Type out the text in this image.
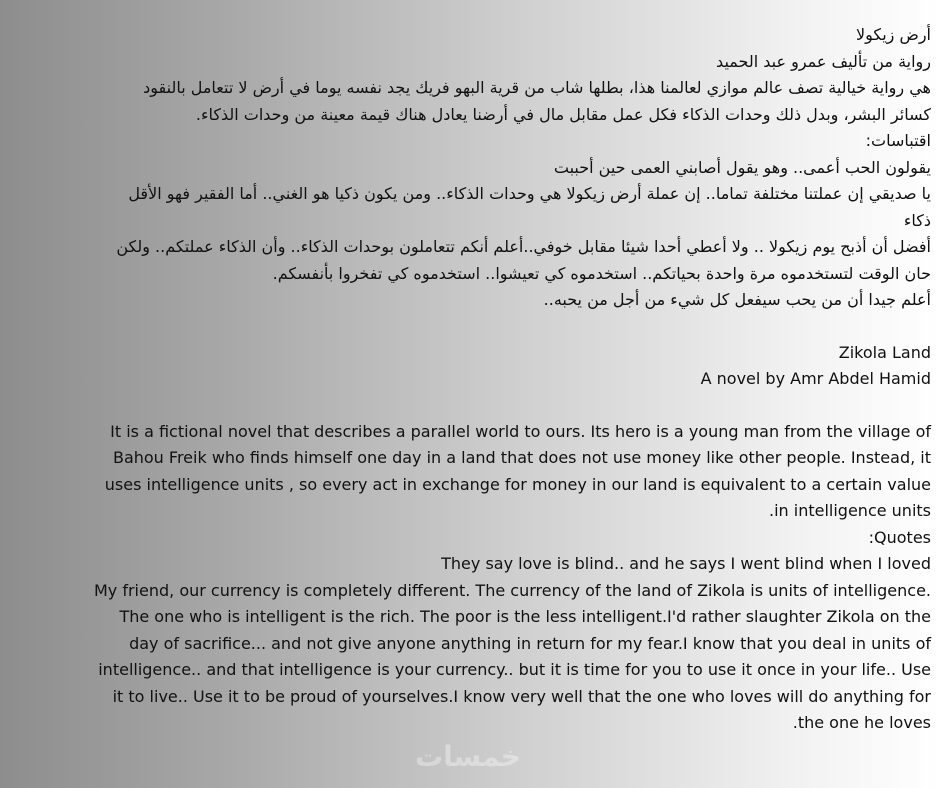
أرض زيكولا
رواية من تأليف عمرو عبد الحميد
هي رواية خيالية تصف عالم موازي لعالمنا هذا، بطلها شاب من قرية البهو فريك يجد نفسه يوما في أرض لا تتعامل بالنقود
كسائر البشر، وبدل ذلك وحدات الذكاء فكل عمل مقابل مال في أرضنا يعادل هناك قيمة معينة من وحدات الذكاء.
اقتباسات:
يقولون الحب أعمى.. وهو يقول أصابني العمى حين أحببت
يا صديقي إن عملتنا مختلفة تماما.. إن عملة أرض زيكولا هي وحدات الذكاء.. ومن يكون ذكيا هو الغني.. أما الفقير فهو الأقل
ذكاء
أفضل أن أذبح يوم زيكولا .. ولا أعطي أحدا شيئا مقابل خوفي..أعلم أنكم تتعاملون بوحدات الذكاء.. وأن الذكاء عملتكم.. ولكن
حان الوقت لتستخدموه مرة واحدة بحياتكم.. استخدموه كي تعيشوا.. استخدموه كي تفخروا بأنفسكم.
أعلم جيدا أن من يحب سيفعل كل شيء من أجل من يحبه..
Zikola Land
A novel by Amr Abdel Hamid
It is a fictional novel that describes a parallel world to ours. Its hero is a young man from the village of
Bahou Freik who finds himself one day in a land that does not use money like other people. Instead, it
uses intelligence units , so every act in exchange for money in our land is equivalent to a certain value
.in intelligence units
:Quotes
They say love is blind.. and he says I went blind when I loved
My friend, our currency is completely different. The currency of the land of Zikola is units of intelligence.
The one who is intelligent is the rich. The poor is the less intelligent.I'd rather slaughter Zikola on the
day of sacrifice... and not give anyone anything in return for my fear.I know that you deal in units of
intelligence.. and that intelligence is your currency.. but it is time for you to use it once in your life.. Use
it to live.. Use it to be proud of yourselves.I know very well that the one who loves will do anything for
.the one he loves
خمسات
